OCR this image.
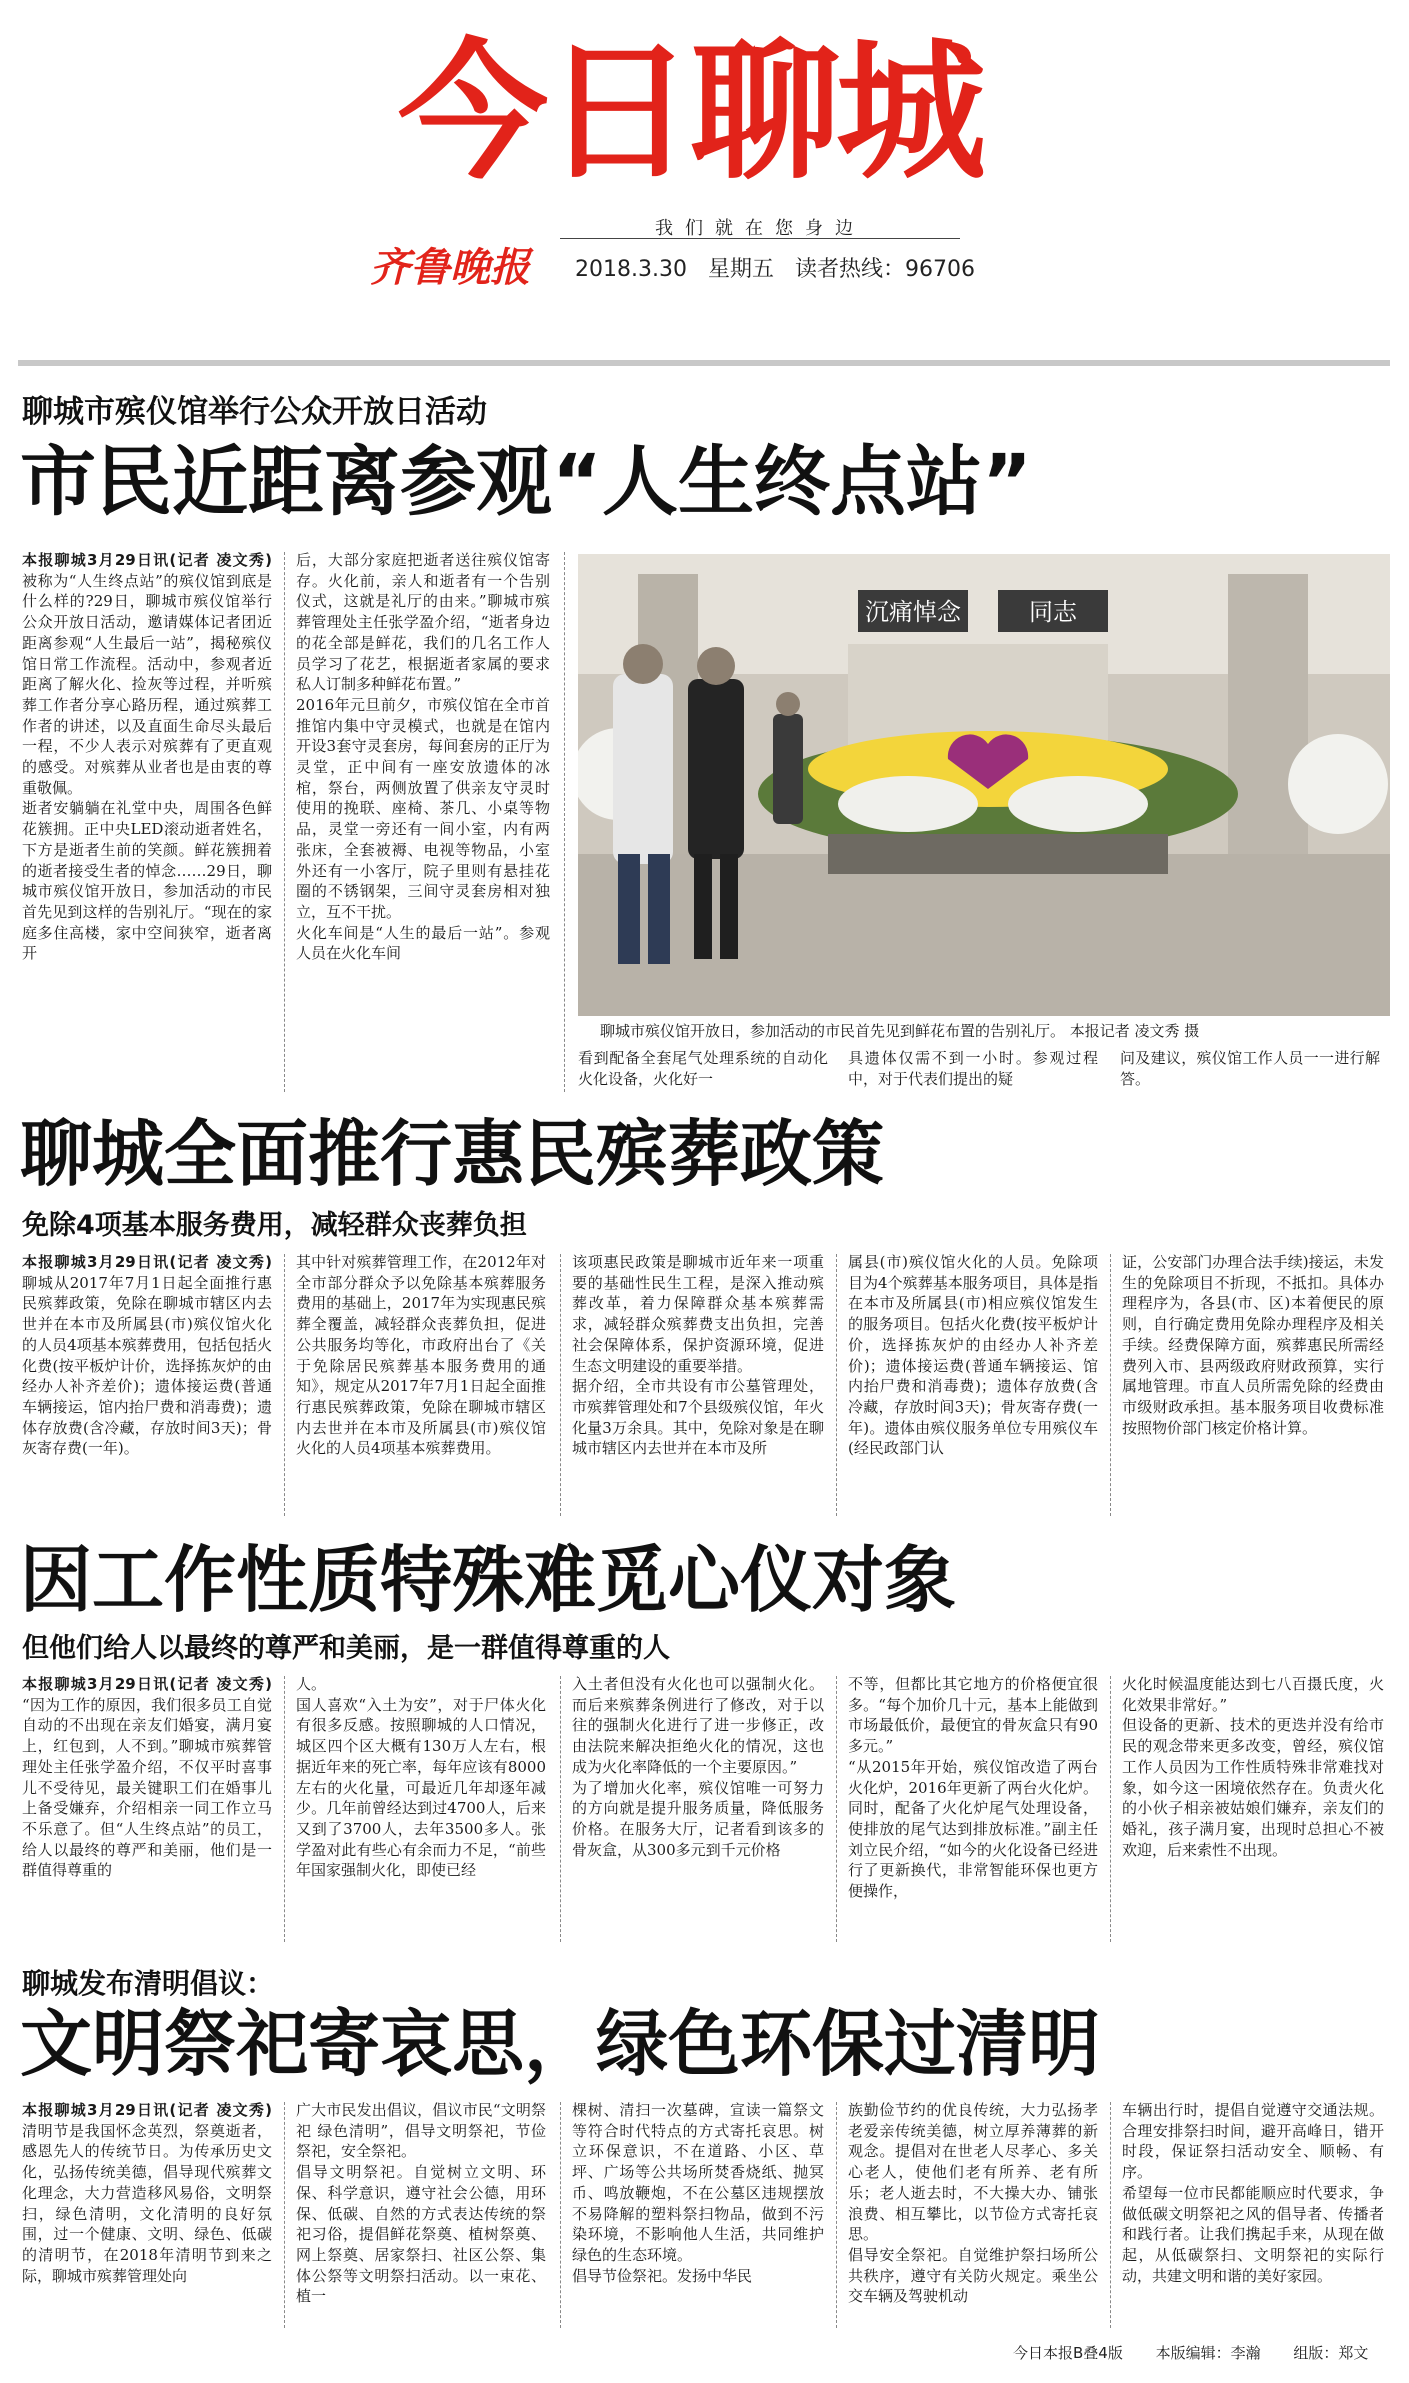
今日聊城
我们就在您身边
齐鲁晚报	2018.3.30 星期五 读者热线：96706
聊城市殡仪馆举行公众开放日活动
市民近距离参观“人生终点站”
本报聊城3月29日讯(记者 凌文秀) 被称为“人生终点站”的殡仪馆到底是什么样的?29日，聊城市殡仪馆举行公众开放日活动，邀请媒体记者团近距离参观“人生最后一站”，揭秘殡仪馆日常工作流程。活动中，参观者近距离了解火化、捡灰等过程，并听殡葬工作者分享心路历程，通过殡葬工作者的讲述，以及直面生命尽头最后一程，不少人表示对殡葬有了更直观的感受。对殡葬从业者也是由衷的尊重敬佩。
逝者安躺躺在礼堂中央，周围各色鲜花簇拥。正中央LED滚动逝者姓名，下方是逝者生前的笑颜。鲜花簇拥着的逝者接受生者的悼念……29日，聊城市殡仪馆开放日，参加活动的市民首先见到这样的告别礼厅。“现在的家庭多住高楼，家中空间狭窄，逝者离开
后，大部分家庭把逝者送往殡仪馆寄存。火化前，亲人和逝者有一个告别仪式，这就是礼厅的由来。”聊城市殡葬管理处主任张学盈介绍，“逝者身边的花全部是鲜花，我们的几名工作人员学习了花艺，根据逝者家属的要求私人订制多种鲜花布置。”
2016年元旦前夕，市殡仪馆在全市首推馆内集中守灵模式，也就是在馆内开设3套守灵套房，每间套房的正厅为灵堂，正中间有一座安放遗体的冰棺，祭台，两侧放置了供亲友守灵时使用的挽联、座椅、茶几、小桌等物品，灵堂一旁还有一间小室，内有两张床，全套被褥、电视等物品，小室外还有一小客厅，院子里则有悬挂花圈的不锈钢架，三间守灵套房相对独立，互不干扰。
火化车间是“人生的最后一站”。参观人员在火化车间
沉痛悼念	同志
聊城市殡仪馆开放日，参加活动的市民首先见到鲜花布置的告别礼厅。 本报记者 凌文秀 摄
看到配备全套尾气处理系统的自动化火化设备，火化好一
具遗体仅需不到一小时。参观过程中，对于代表们提出的疑
问及建议，殡仪馆工作人员一一进行解答。
聊城全面推行惠民殡葬政策
免除4项基本服务费用，减轻群众丧葬负担
本报聊城3月29日讯(记者 凌文秀) 聊城从2017年7月1日起全面推行惠民殡葬政策，免除在聊城市辖区内去世并在本市及所属县(市)殡仪馆火化的人员4项基本殡葬费用，包括包括火化费(按平板炉计价，选择拣灰炉的由经办人补齐差价)；遗体接运费(普通车辆接运，馆内抬尸费和消毒费)；遗体存放费(含冷藏，存放时间3天)；骨灰寄存费(一年)。
其中针对殡葬管理工作，在2012年对全市部分群众予以免除基本殡葬服务费用的基础上，2017年为实现惠民殡葬全覆盖，减轻群众丧葬负担，促进公共服务均等化，市政府出台了《关于免除居民殡葬基本服务费用的通知》，规定从2017年7月1日起全面推行惠民殡葬政策，免除在聊城市辖区内去世并在本市及所属县(市)殡仪馆火化的人员4项基本殡葬费用。
该项惠民政策是聊城市近年来一项重要的基础性民生工程，是深入推动殡葬改革，着力保障群众基本殡葬需求，减轻群众殡葬费支出负担，完善社会保障体系，保护资源环境，促进生态文明建设的重要举措。
据介绍，全市共设有市公墓管理处，市殡葬管理处和7个县级殡仪馆，年火化量3万余具。其中，免除对象是在聊城市辖区内去世并在本市及所
属县(市)殡仪馆火化的人员。免除项目为4个殡葬基本服务项目，具体是指在本市及所属县(市)相应殡仪馆发生的服务项目。包括火化费(按平板炉计价，选择拣灰炉的由经办人补齐差价)；遗体接运费(普通车辆接运、馆内抬尸费和消毒费)；遗体存放费(含冷藏，存放时间3天)；骨灰寄存费(一年)。遗体由殡仪服务单位专用殡仪车(经民政部门认
证，公安部门办理合法手续)接运，未发生的免除项目不折现，不抵扣。具体办理程序为，各县(市、区)本着便民的原则，自行确定费用免除办理程序及相关手续。经费保障方面，殡葬惠民所需经费列入市、县两级政府财政预算，实行属地管理。市直人员所需免除的经费由市级财政承担。基本服务项目收费标准按照物价部门核定价格计算。
因工作性质特殊难觅心仪对象
但他们给人以最终的尊严和美丽，是一群值得尊重的人
本报聊城3月29日讯(记者 凌文秀) “因为工作的原因，我们很多员工自觉自动的不出现在亲友们婚宴，满月宴上，红包到，人不到。”聊城市殡葬管理处主任张学盈介绍，不仅平时喜事儿不受待见，最关键职工们在婚事儿上备受嫌弃，介绍相亲一同工作立马不乐意了。但“人生终点站”的员工，给人以最终的尊严和美丽，他们是一群值得尊重的
人。
国人喜欢“入土为安”，对于尸体火化有很多反感。按照聊城的人口情况，城区四个区大概有130万人左右，根据近年来的死亡率，每年应该有8000左右的火化量，可最近几年却逐年减少。几年前曾经达到过4700人，后来又到了3700人，去年3500多人。张学盈对此有些心有余而力不足，“前些年国家强制火化，即使已经
入土者但没有火化也可以强制火化。而后来殡葬条例进行了修改，对于以往的强制火化进行了进一步修正，改由法院来解决拒绝火化的情况，这也成为火化率降低的一个主要原因。”
为了增加火化率，殡仪馆唯一可努力的方向就是提升服务质量，降低服务价格。在服务大厅，记者看到该多的骨灰盒，从300多元到千元价格
不等，但都比其它地方的价格便宜很多。“每个加价几十元，基本上能做到市场最低价，最便宜的骨灰盒只有90多元。”
“从2015年开始，殡仪馆改造了两台火化炉，2016年更新了两台火化炉。同时，配备了火化炉尾气处理设备，使排放的尾气达到排放标准。”副主任刘立民介绍，“如今的火化设备已经进行了更新换代，非常智能环保也更方便操作，
火化时候温度能达到七八百摄氏度，火化效果非常好。”
但设备的更新、技术的更迭并没有给市民的观念带来更多改变，曾经，殡仪馆工作人员因为工作性质特殊非常难找对象，如今这一困境依然存在。负责火化的小伙子相亲被姑娘们嫌弃，亲友们的婚礼，孩子满月宴，出现时总担心不被欢迎，后来索性不出现。
聊城发布清明倡议：
文明祭祀寄哀思，绿色环保过清明
本报聊城3月29日讯(记者 凌文秀) 清明节是我国怀念英烈，祭奠逝者，感恩先人的传统节日。为传承历史文化，弘扬传统美德，倡导现代殡葬文化理念，大力营造移风易俗，文明祭扫，绿色清明，文化清明的良好氛围，过一个健康、文明、绿色、低碳的清明节，在2018年清明节到来之际，聊城市殡葬管理处向
广大市民发出倡议，倡议市民“文明祭祀 绿色清明”，倡导文明祭祀，节俭祭祀，安全祭祀。
倡导文明祭祀。自觉树立文明、环保、科学意识，遵守社会公德，用环保、低碳、自然的方式表达传统的祭祀习俗，提倡鲜花祭奠、植树祭奠、网上祭奠、居家祭扫、社区公祭、集体公祭等文明祭扫活动。以一束花、植一
棵树、清扫一次墓碑，宣读一篇祭文等符合时代特点的方式寄托哀思。树立环保意识，不在道路、小区、草坪、广场等公共场所焚香烧纸、抛冥币、鸣放鞭炮，不在公墓区违规摆放不易降解的塑料祭扫物品，做到不污染环境，不影响他人生活，共同维护绿色的生态环境。
倡导节俭祭祀。发扬中华民
族勤俭节约的优良传统，大力弘扬孝老爱亲传统美德，树立厚养薄葬的新观念。提倡对在世老人尽孝心、多关心老人，使他们老有所养、老有所乐；老人逝去时，不大操大办、铺张浪费、相互攀比，以节俭方式寄托哀思。
倡导安全祭祀。自觉维护祭扫场所公共秩序，遵守有关防火规定。乘坐公交车辆及驾驶机动
车辆出行时，提倡自觉遵守交通法规。合理安排祭扫时间，避开高峰日，错开时段，保证祭扫活动安全、顺畅、有序。
希望每一位市民都能顺应时代要求，争做低碳文明祭祀之风的倡导者、传播者和践行者。让我们携起手来，从现在做起，从低碳祭扫、文明祭祀的实际行动，共建文明和谐的美好家园。
今日本报B叠4版 本版编辑：李瀚 组版：郑文
